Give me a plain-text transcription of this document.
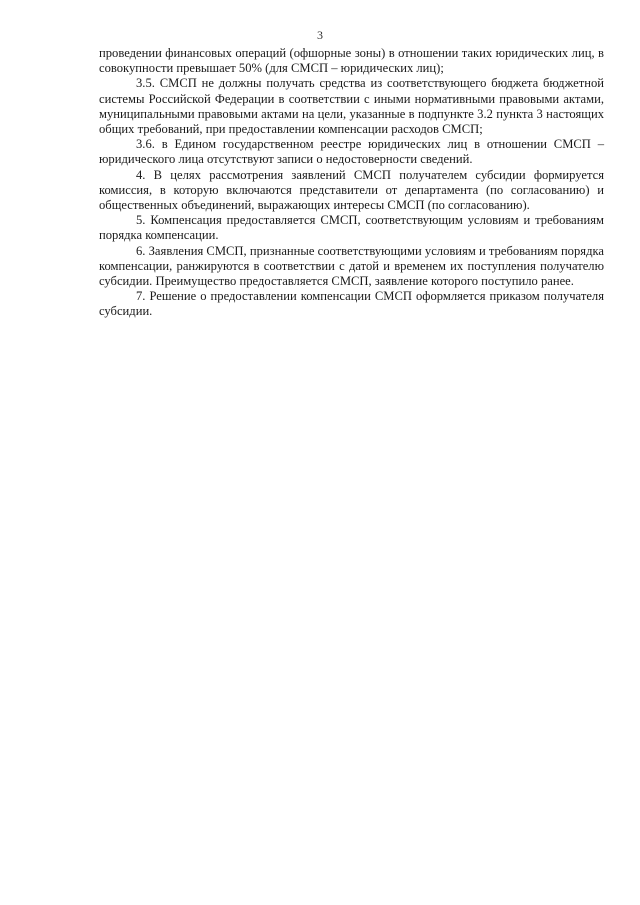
3

проведении финансовых операций (офшорные зоны) в отношении таких юридических лиц, в совокупности превышает 50% (для СМСП – юридических лиц);

3.5. СМСП не должны получать средства из соответствующего бюджета бюджетной системы Российской Федерации в соответствии с иными нормативными правовыми актами, муниципальными правовыми актами на цели, указанные в подпункте 3.2 пункта 3 настоящих общих требований, при предоставлении компенсации расходов СМСП;

3.6. в Едином государственном реестре юридических лиц в отношении СМСП – юридического лица отсутствуют записи о недостоверности сведений.

4. В целях рассмотрения заявлений СМСП получателем субсидии формируется комиссия, в которую включаются представители от департамента (по согласованию) и общественных объединений, выражающих интересы СМСП (по согласованию).

5. Компенсация предоставляется СМСП, соответствующим условиям и требованиям порядка компенсации.

6. Заявления СМСП, признанные соответствующими условиям и требованиям порядка компенсации, ранжируются в соответствии с датой и временем их поступления получателю субсидии. Преимущество предоставляется СМСП, заявление которого поступило ранее.

7. Решение о предоставлении компенсации СМСП оформляется приказом получателя субсидии.
